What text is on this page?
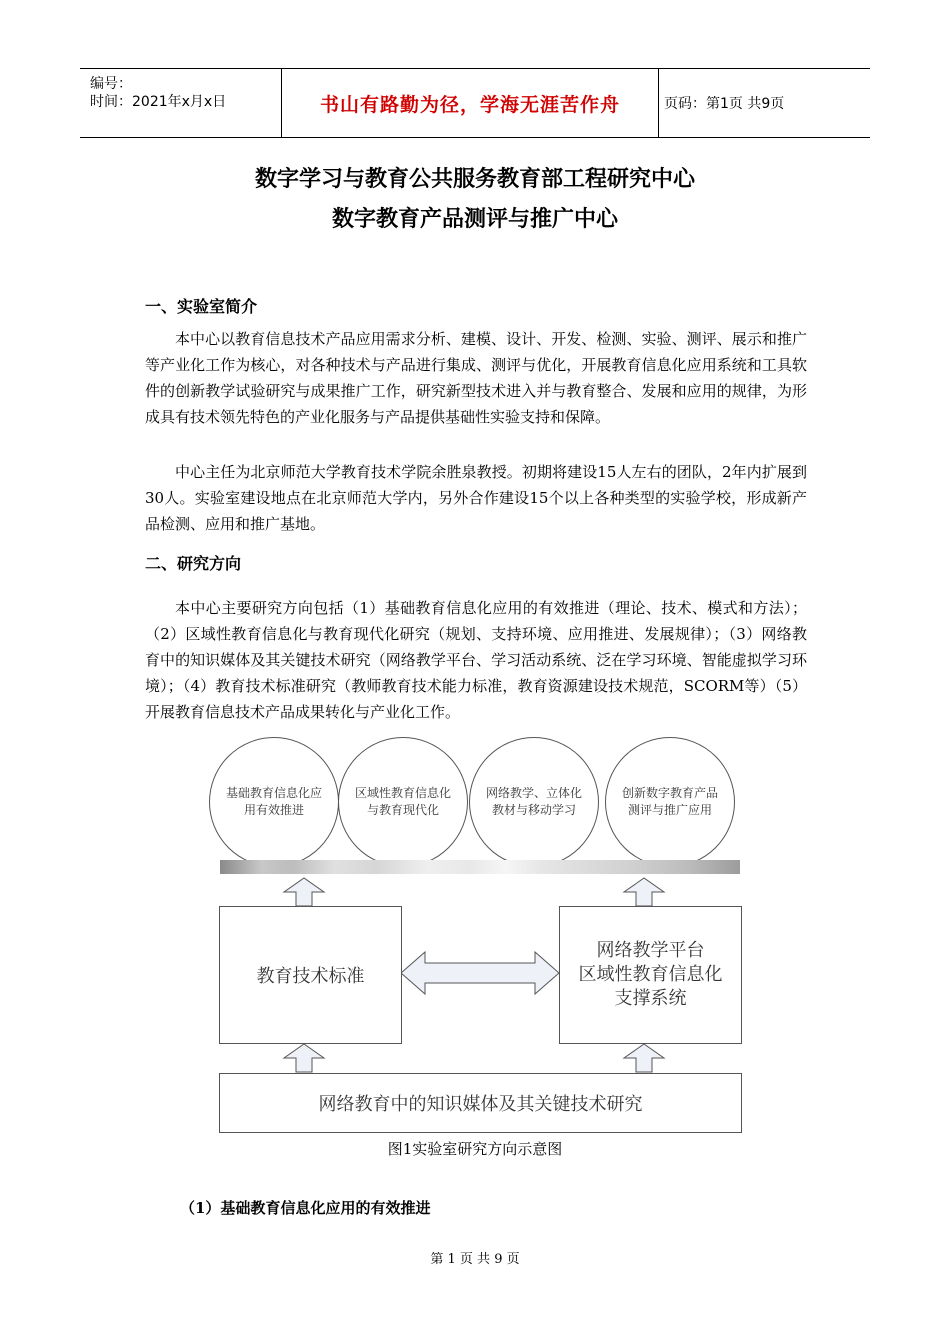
编号：
时间：2021年x月x日	书山有路勤为径，学海无涯苦作舟	页码：第1页 共9页
数字学习与教育公共服务教育部工程研究中心
数字教育产品测评与推广中心
一、实验室简介
本中心以教育信息技术产品应用需求分析、建模、设计、开发、检测、实验、测评、展示和推广等产业化工作为核心，对各种技术与产品进行集成、测评与优化，开展教育信息化应用系统和工具软件的创新教学试验研究与成果推广工作，研究新型技术进入并与教育整合、发展和应用的规律，为形成具有技术领先特色的产业化服务与产品提供基础性实验支持和保障。
中心主任为北京师范大学教育技术学院余胜泉教授。初期将建设15人左右的团队，2年内扩展到30人。实验室建设地点在北京师范大学内，另外合作建设15个以上各种类型的实验学校，形成新产品检测、应用和推广基地。
二、研究方向
本中心主要研究方向包括（1）基础教育信息化应用的有效推进（理论、技术、模式和方法）；（2）区域性教育信息化与教育现代化研究（规划、支持环境、应用推进、发展规律）；（3）网络教育中的知识媒体及其关键技术研究（网络教学平台、学习活动系统、泛在学习环境、智能虚拟学习环境）；（4）教育技术标准研究（教师教育技术能力标准，教育资源建设技术规范，SCORM等）（5）开展教育信息技术产品成果转化与产业化工作。
基础教育信息化应用有效推进
区域性教育信息化与教育现代化
网络教学、立体化教材与移动学习
创新数字教育产品测评与推广应用
教育技术标准
网络教学平台
区域性教育信息化
支撑系统
网络教育中的知识媒体及其关键技术研究
图1实验室研究方向示意图
（1）基础教育信息化应用的有效推进
第 1 页 共 9 页
